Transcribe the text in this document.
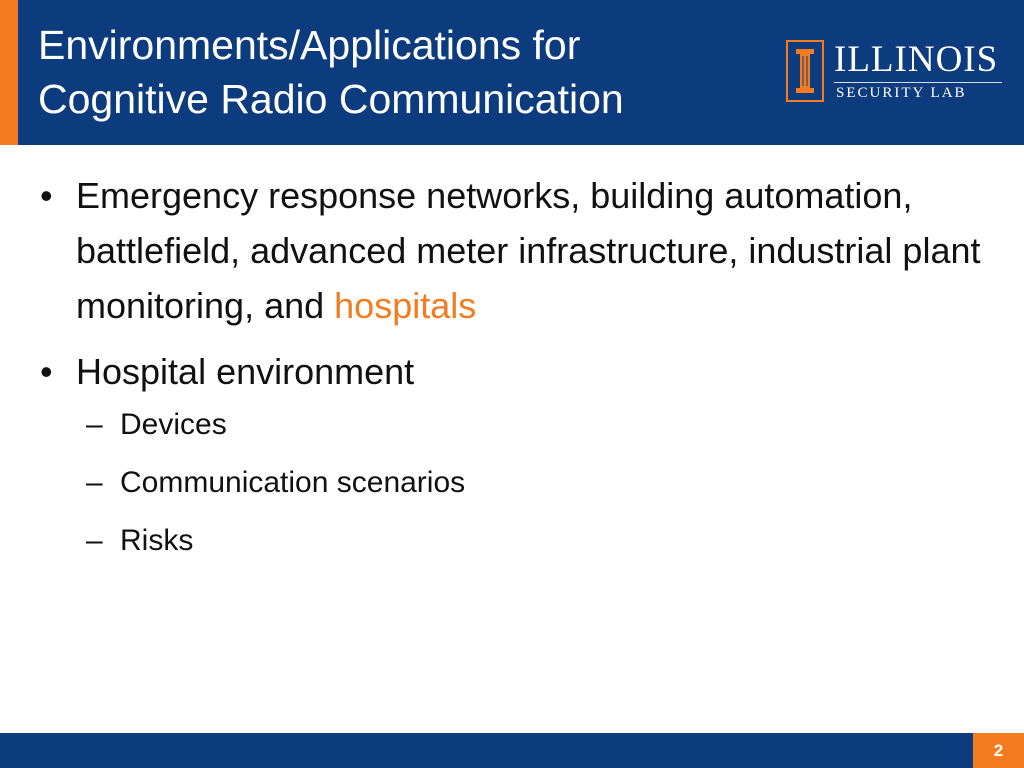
Environments/Applications for
Cognitive Radio Communication
ILLINOIS
SECURITY LAB
• Emergency response networks, building automation, battlefield, advanced meter infrastructure, industrial plant monitoring, and hospitals
• Hospital environment
– Devices
– Communication scenarios
– Risks
2
